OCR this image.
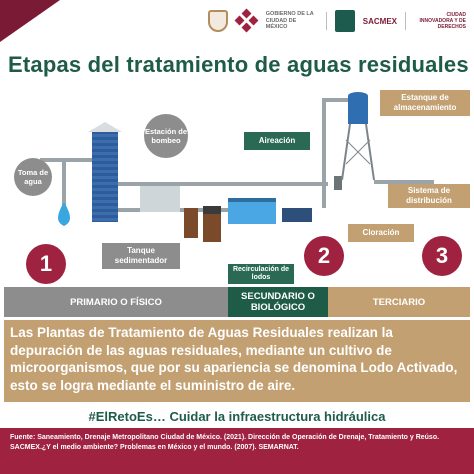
GOBIERNO DE LA CIUDAD DE MÉXICO
SACMEX
CIUDAD INNOVADORA Y DE DERECHOS
Etapas del tratamiento de aguas residuales
Toma de agua
Estación de bombeo
Tanque sedimentador
Aireación
Recirculación de lodos
Estanque de almacenamiento
Sistema de distribución
Cloración
1	2	3
PRIMARIO O FÍSICO	SECUNDARIO O BIOLÓGICO	TERCIARIO

Las Plantas de Tratamiento de Aguas Residuales realizan la depuración de las aguas residuales, mediante un cultivo de microorganismos, que por su apariencia se denomina Lodo Activado, esto se logra mediante el suministro de aire.

#ElRetoEs… Cuidar la infraestructura hidráulica

Fuente: Saneamiento, Drenaje Metropolitano Ciudad de México. (2021). Dirección de Operación de Drenaje, Tratamiento y Reúso. SACMEX.¿Y el medio ambiente? Problemas en México y el mundo. (2007). SEMARNAT.
